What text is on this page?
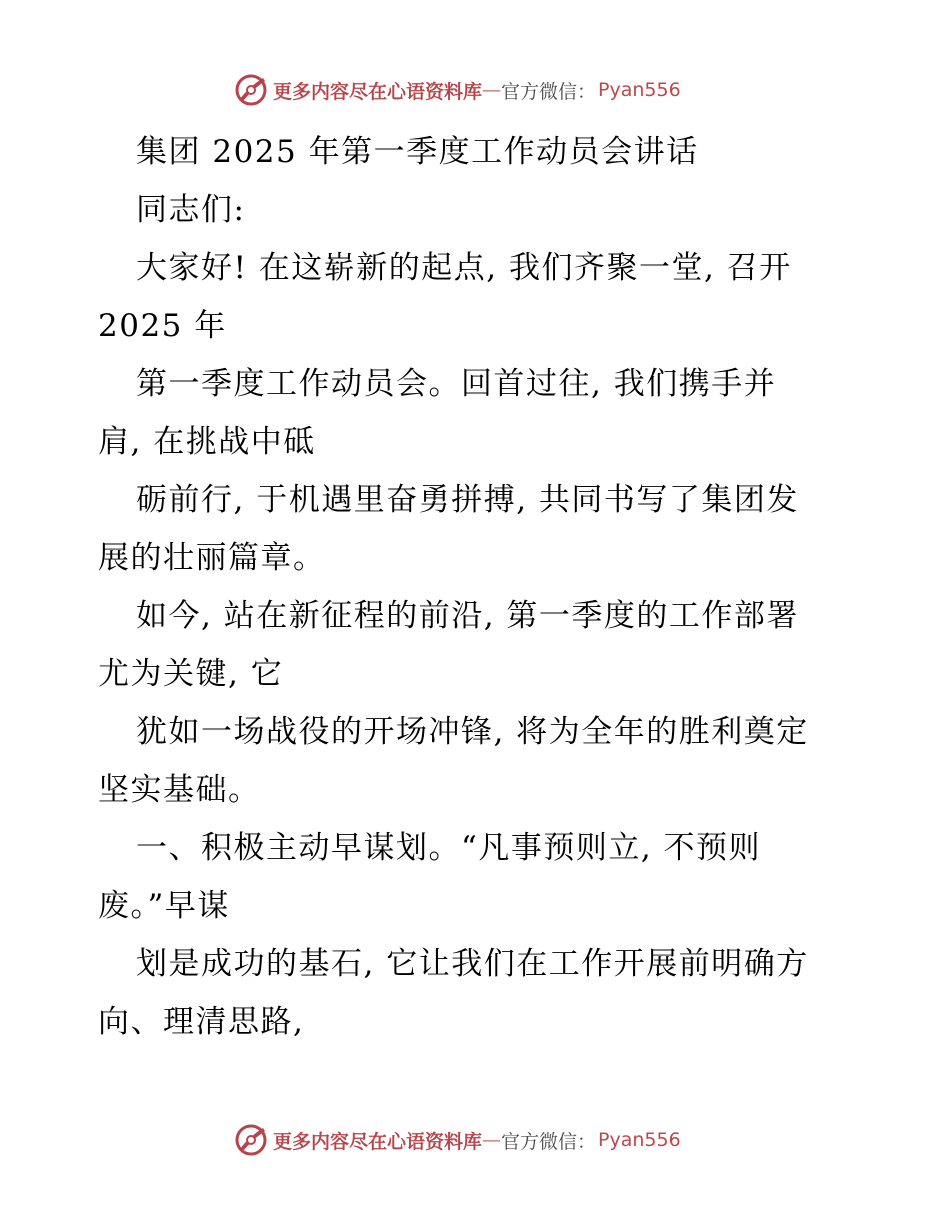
更多内容尽在心语资料库 — 官方微信： Pyan556
集团 2025 年第一季度工作动员会讲话
同志们:
大家好! 在这崭新的起点, 我们齐聚一堂, 召开
2025 年
第一季度工作动员会。回首过往, 我们携手并
肩, 在挑战中砥
砺前行, 于机遇里奋勇拼搏, 共同书写了集团发
展的壮丽篇章。
如今, 站在新征程的前沿, 第一季度的工作部署
尤为关键, 它
犹如一场战役的开场冲锋, 将为全年的胜利奠定
坚实基础。
一、积极主动早谋划。“凡事预则立, 不预则
废。”早谋
划是成功的基石, 它让我们在工作开展前明确方
向、理清思路,
更多内容尽在心语资料库 — 官方微信： Pyan556
